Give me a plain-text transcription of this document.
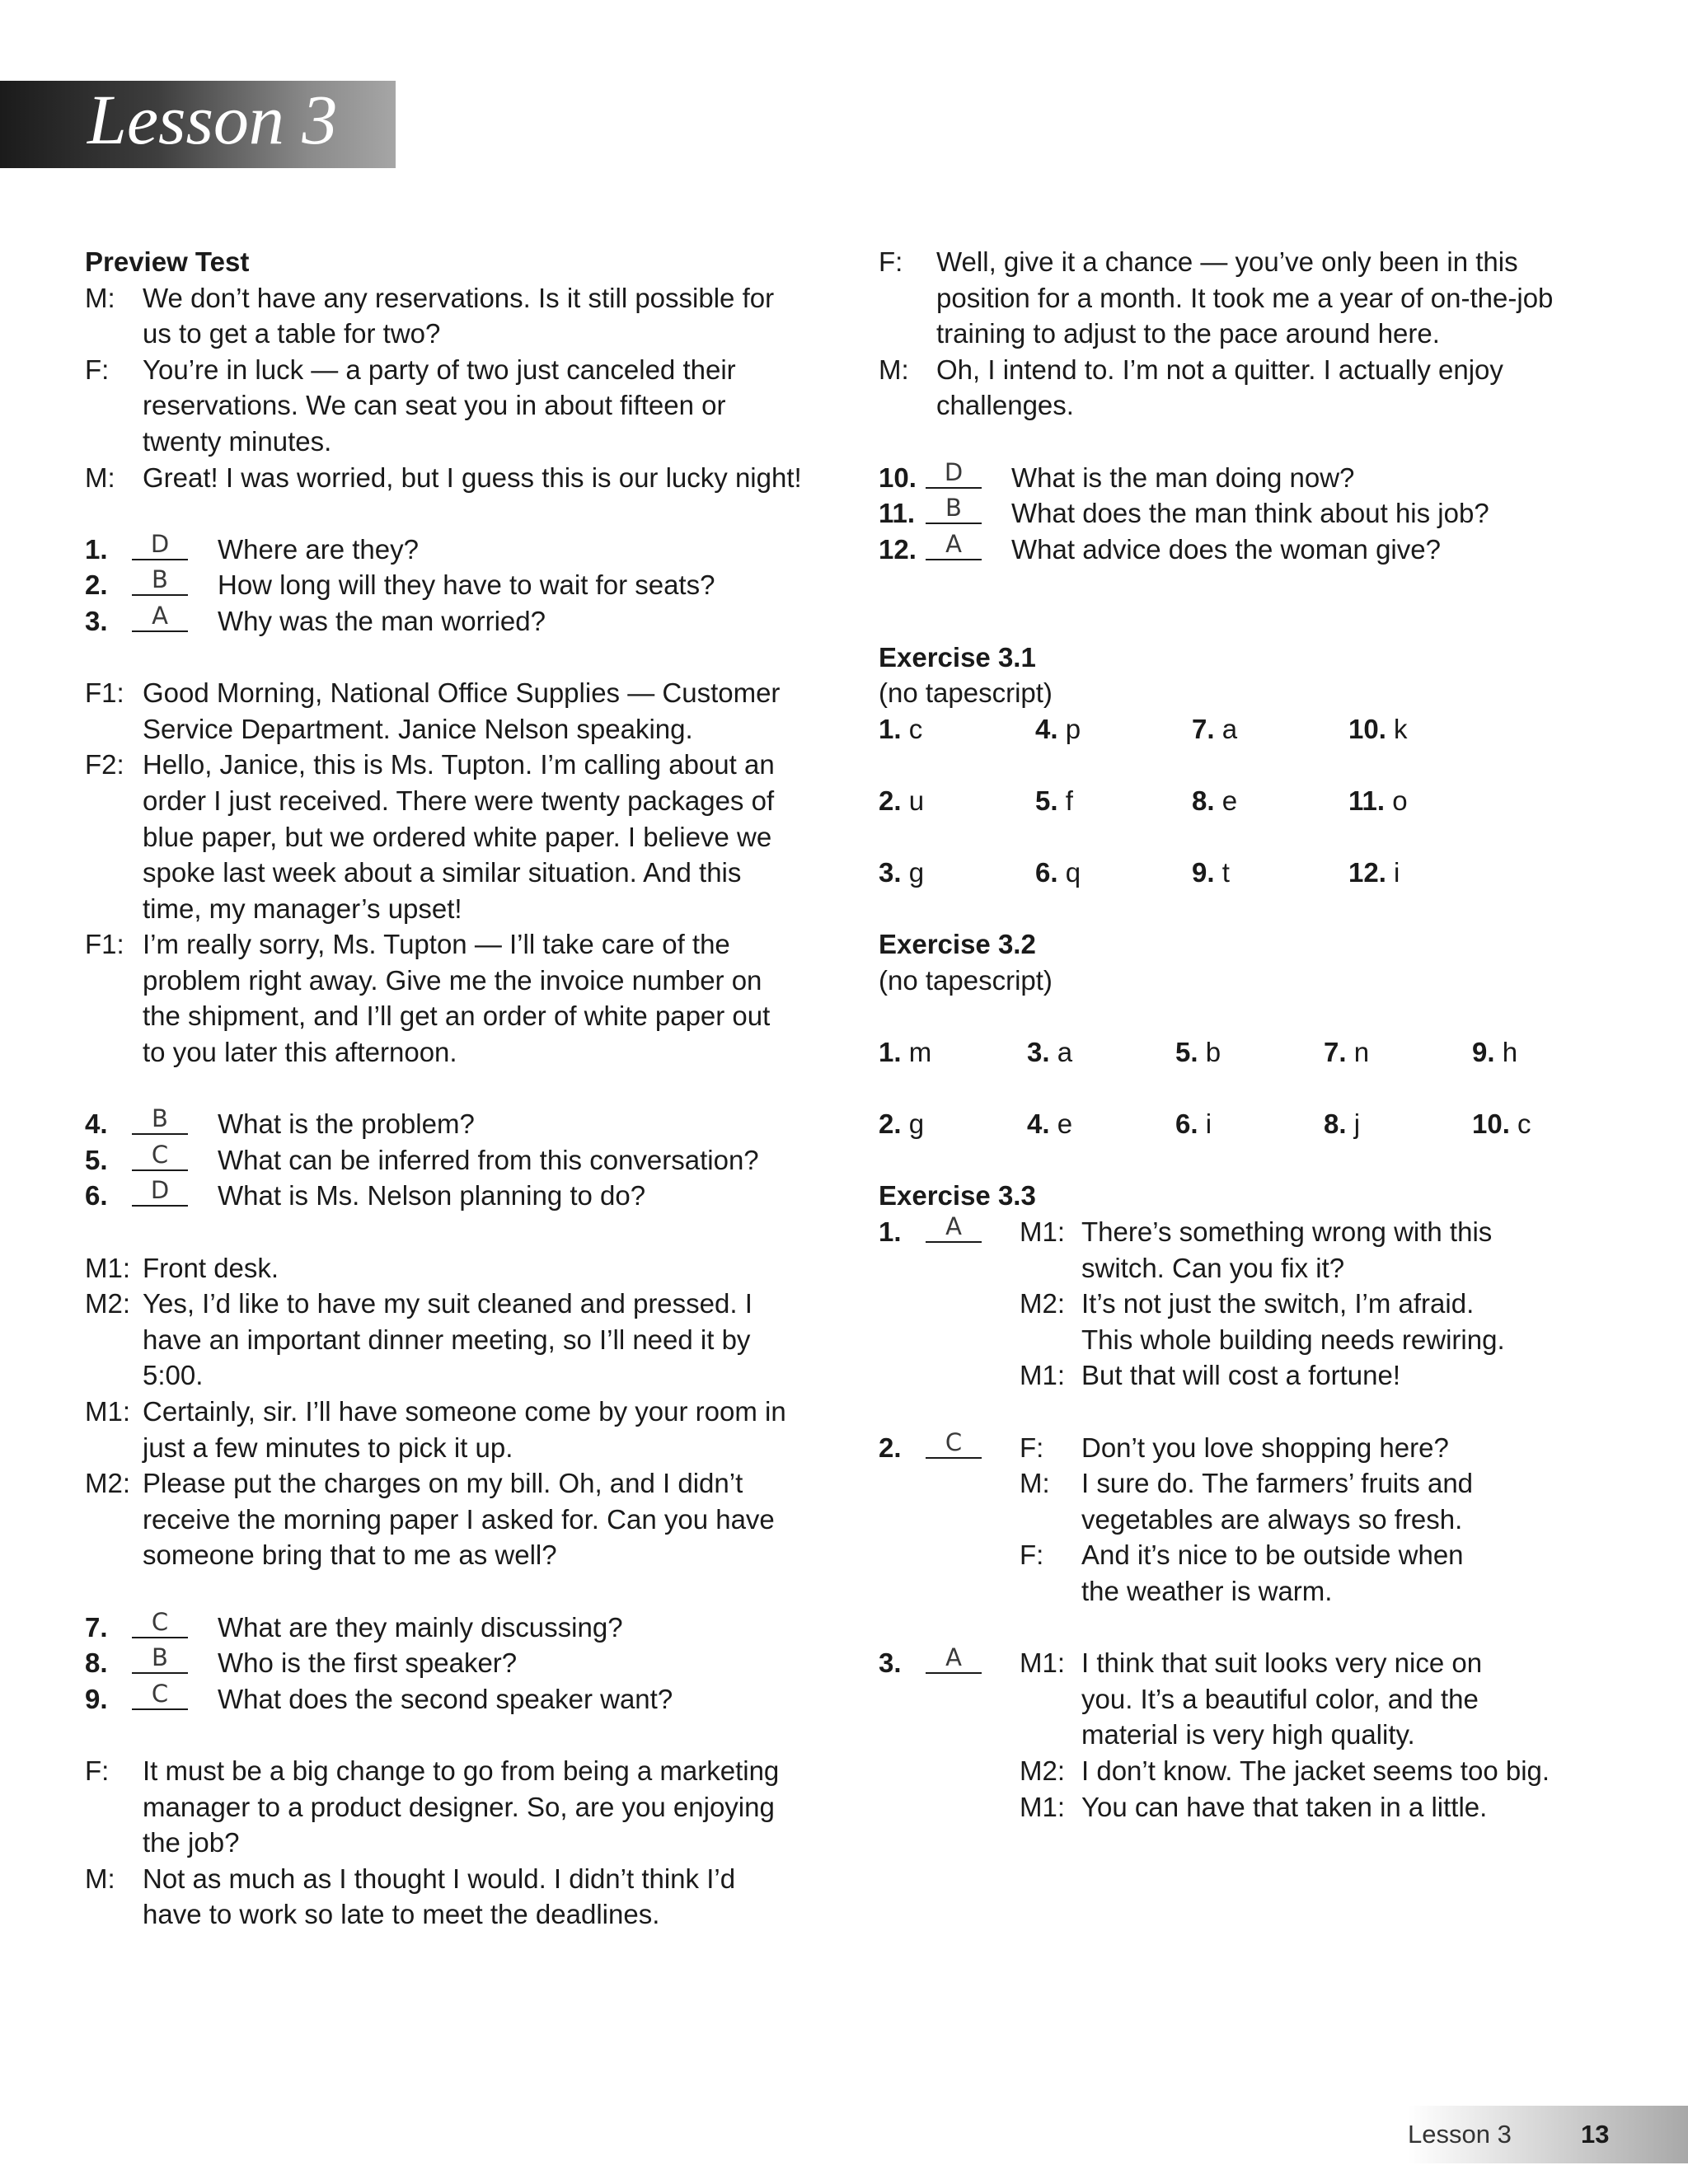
Lesson 3
Preview Test
M:	We don’t have any reservations. Is it still possible for us to get a table for two?
F:	You’re in luck — a party of two just canceled their reservations. We can seat you in about fifteen or twenty minutes.
M:	Great! I was worried, but I guess this is our lucky night!
1.	D	Where are they?
2.	B	How long will they have to wait for seats?
3.	A	Why was the man worried?
F1: Good Morning, National Office Supplies — Customer Service Department. Janice Nelson speaking.
F2: Hello, Janice, this is Ms. Tupton. I’m calling about an order I just received. There were twenty packages of blue paper, but we ordered white paper. I believe we spoke last week about a similar situation. And this time, my manager’s upset!
F1: I’m really sorry, Ms. Tupton — I’ll take care of the problem right away. Give me the invoice number on the shipment, and I’ll get an order of white paper out to you later this afternoon.
4.	B	What is the problem?
5.	C	What can be inferred from this conversation?
6.	D	What is Ms. Nelson planning to do?
M1: Front desk.
M2: Yes, I’d like to have my suit cleaned and pressed. I have an important dinner meeting, so I’ll need it by 5:00.
M1: Certainly, sir. I’ll have someone come by your room in just a few minutes to pick it up.
M2: Please put the charges on my bill. Oh, and I didn’t receive the morning paper I asked for. Can you have someone bring that to me as well?
7.	C	What are they mainly discussing?
8.	B	Who is the first speaker?
9.	C	What does the second speaker want?
F:	It must be a big change to go from being a marketing manager to a product designer. So, are you enjoying the job?
M:	Not as much as I thought I would. I didn’t think I’d have to work so late to meet the deadlines.
F:	Well, give it a chance — you’ve only been in this position for a month. It took me a year of on-the-job training to adjust to the pace around here.
M:	Oh, I intend to. I’m not a quitter. I actually enjoy challenges.
10.	D	What is the man doing now?
11.	B	What does the man think about his job?
12.	A	What advice does the woman give?
Exercise 3.1
(no tapescript)
1. c	4. p	7. a	10. k
2. u	5. f	8. e	11. o
3. g	6. q	9. t	12. i
Exercise 3.2
(no tapescript)
1. m	3. a	5. b	7. n	9. h
2. g	4. e	6. i	8. j	10. c
Exercise 3.3
1.	A	M1: There’s something wrong with this switch. Can you fix it?
M2: It’s not just the switch, I’m afraid. This whole building needs rewiring.
M1: But that will cost a fortune!
2.	C	F:	Don’t you love shopping here?
M:	I sure do. The farmers’ fruits and vegetables are always so fresh.
F:	And it’s nice to be outside when the weather is warm.
3.	A	M1: I think that suit looks very nice on you. It’s a beautiful color, and the material is very high quality.
M2: I don’t know. The jacket seems too big.
M1: You can have that taken in a little.
Lesson 3	13
